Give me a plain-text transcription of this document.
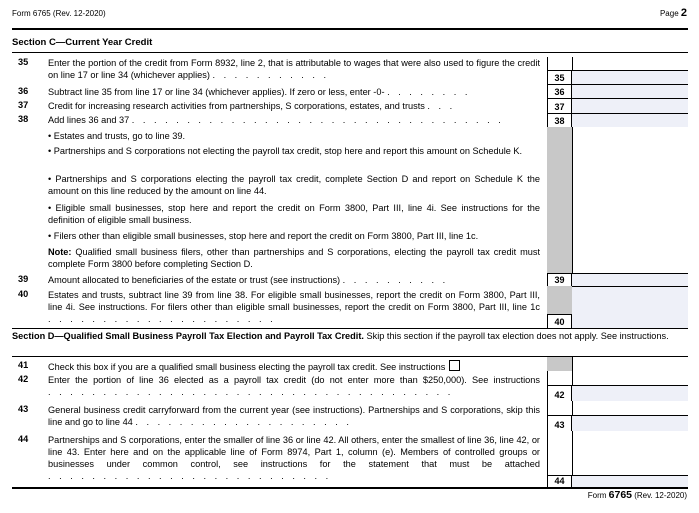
Form 6765 (Rev. 12-2020)	Page 2
Section C—Current Year Credit
35 Enter the portion of the credit from Form 8932, line 2, that is attributable to wages that were also used to figure the credit on line 17 or line 34 (whichever applies) . . . . . . . . . . .	35
36 Subtract line 35 from line 17 or line 34 (whichever applies). If zero or less, enter -0- . . . . . . . .	36
37 Credit for increasing research activities from partnerships, S corporations, estates, and trusts . . .	37
38 Add lines 36 and 37 . . . . . . . . . . . . . . . . . . . . . . . . . . . . . . . . . .	38
• Estates and trusts, go to line 39.
• Partnerships and S corporations not electing the payroll tax credit, stop here and report this amount on Schedule K.
• Partnerships and S corporations electing the payroll tax credit, complete Section D and report on Schedule K the amount on this line reduced by the amount on line 44.
• Eligible small businesses, stop here and report the credit on Form 3800, Part III, line 4i. See instructions for the definition of eligible small business.
• Filers other than eligible small businesses, stop here and report the credit on Form 3800, Part III, line 1c.
Note: Qualified small business filers, other than partnerships and S corporations, electing the payroll tax credit must complete Form 3800 before completing Section D.
39 Amount allocated to beneficiaries of the estate or trust (see instructions) . . . . . . . . . .	39
40 Estates and trusts, subtract line 39 from line 38. For eligible small businesses, report the credit on Form 3800, Part III, line 4i. See instructions. For filers other than eligible small businesses, report the credit on Form 3800, Part III, line 1c . . . . . . . . . . . . . . . . . . . . .	40
Section D—Qualified Small Business Payroll Tax Election and Payroll Tax Credit. Skip this section if the payroll tax election does not apply. See instructions.
41 Check this box if you are a qualified small business electing the payroll tax credit. See instructions
42 Enter the portion of line 36 elected as a payroll tax credit (do not enter more than $250,000). See instructions . . . . . . . . . . . . . . . . . . . . . . . . . . . . . . . . . . . . .	42
43 General business credit carryforward from the current year (see instructions). Partnerships and S corporations, skip this line and go to line 44 . . . . . . . . . . . . . . . . . . . .	43
44 Partnerships and S corporations, enter the smaller of line 36 or line 42. All others, enter the smallest of line 36, line 42, or line 43. Enter here and on the applicable line of Form 8974, Part 1, column (e). Members of controlled groups or businesses under common control, see instructions for the statement that must be attached . . . . . . . . . . . . . . . . . . . . . . . . . .	44
Form 6765 (Rev. 12-2020)
